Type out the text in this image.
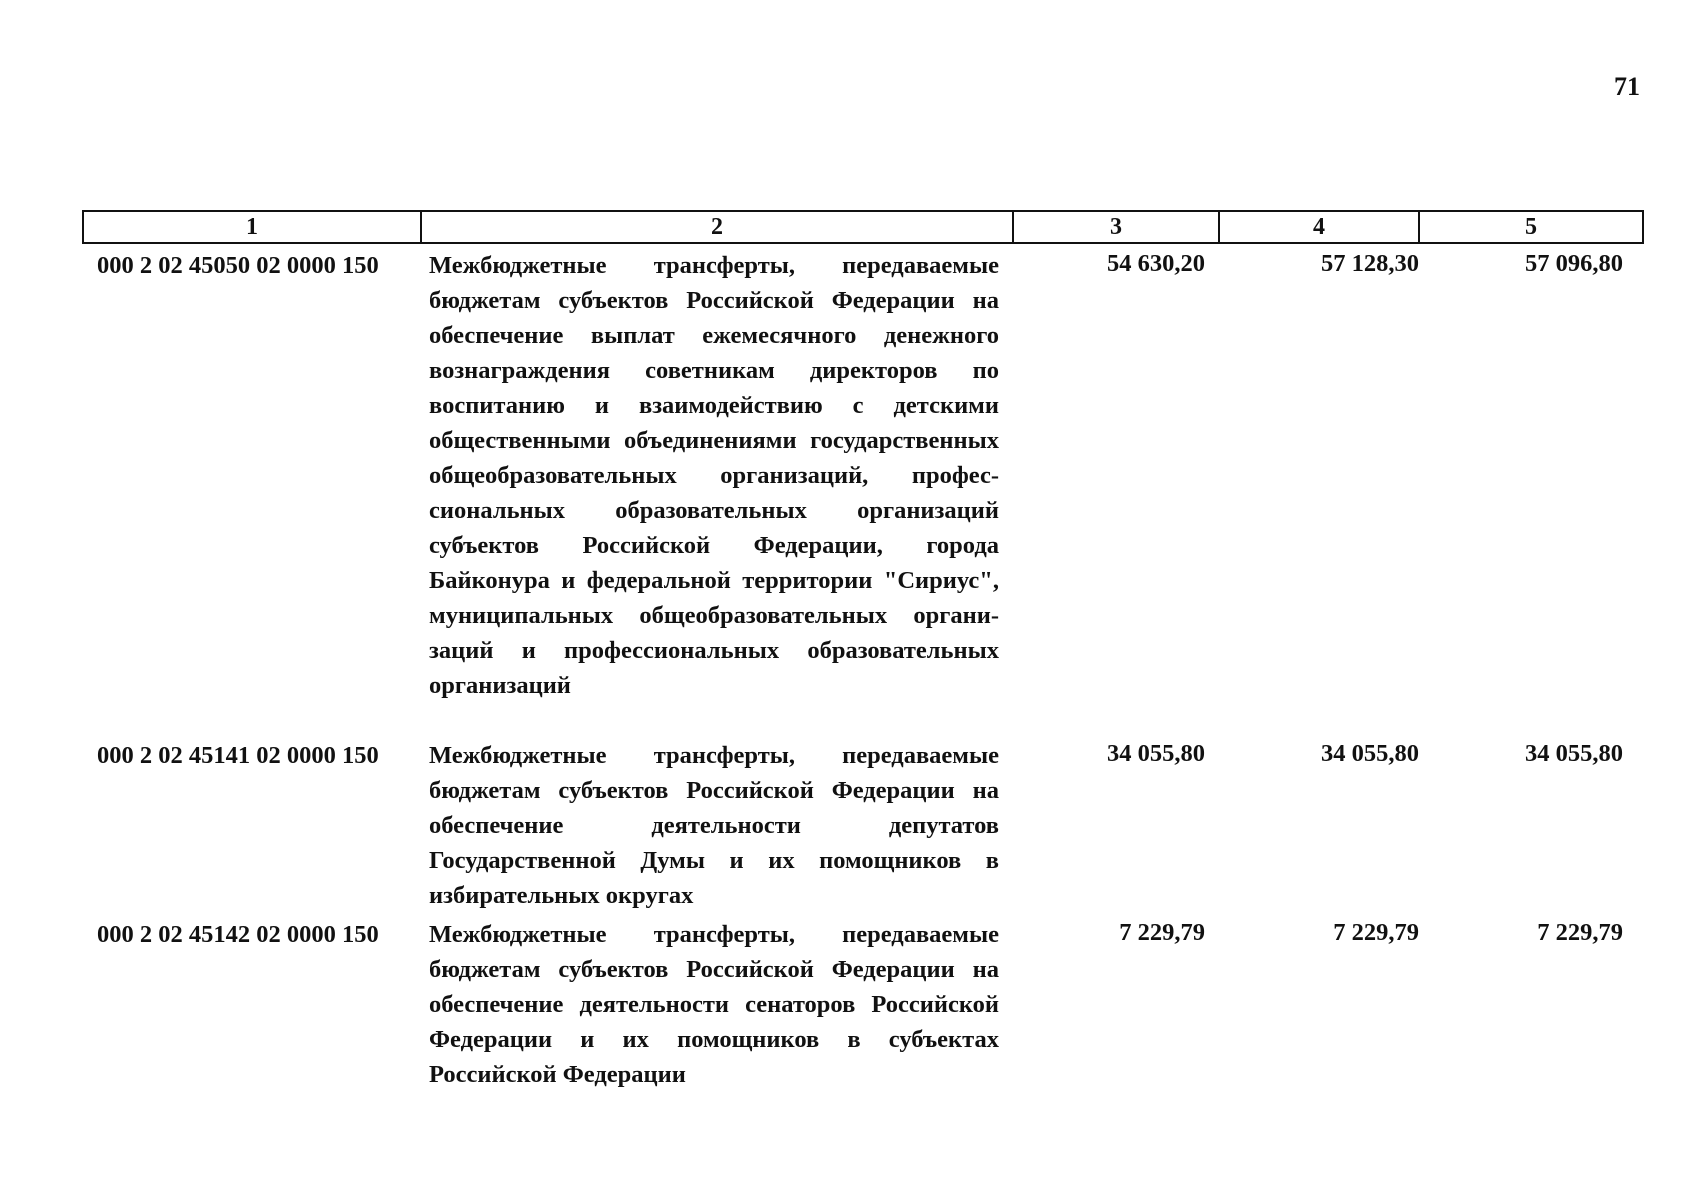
71
1	2	3	4	5
000 2 02 45050 02 0000 150	Межбюджетные трансферты, передаваемые бюджетам субъектов Российской Федерации на обеспечение выплат ежемесячного денежного вознаграждения советникам директоров по воспитанию и взаимодействию с детскими общественными объединениями государственных общеобразовательных организаций, профессиональных образовательных организаций субъектов Российской Федерации, города Байконура и федеральной территории "Сириус", муниципальных общеобразовательных организаций и профессиональных образовательных организаций	54 630,20	57 128,30	57 096,80
000 2 02 45141 02 0000 150	Межбюджетные трансферты, передаваемые бюджетам субъектов Российской Федерации на обеспечение деятельности депутатов Государственной Думы и их помощников в избирательных округах	34 055,80	34 055,80	34 055,80
000 2 02 45142 02 0000 150	Межбюджетные трансферты, передаваемые бюджетам субъектов Российской Федерации на обеспечение деятельности сенаторов Российской Федерации и их помощников в субъектах Российской Федерации	7 229,79	7 229,79	7 229,79
